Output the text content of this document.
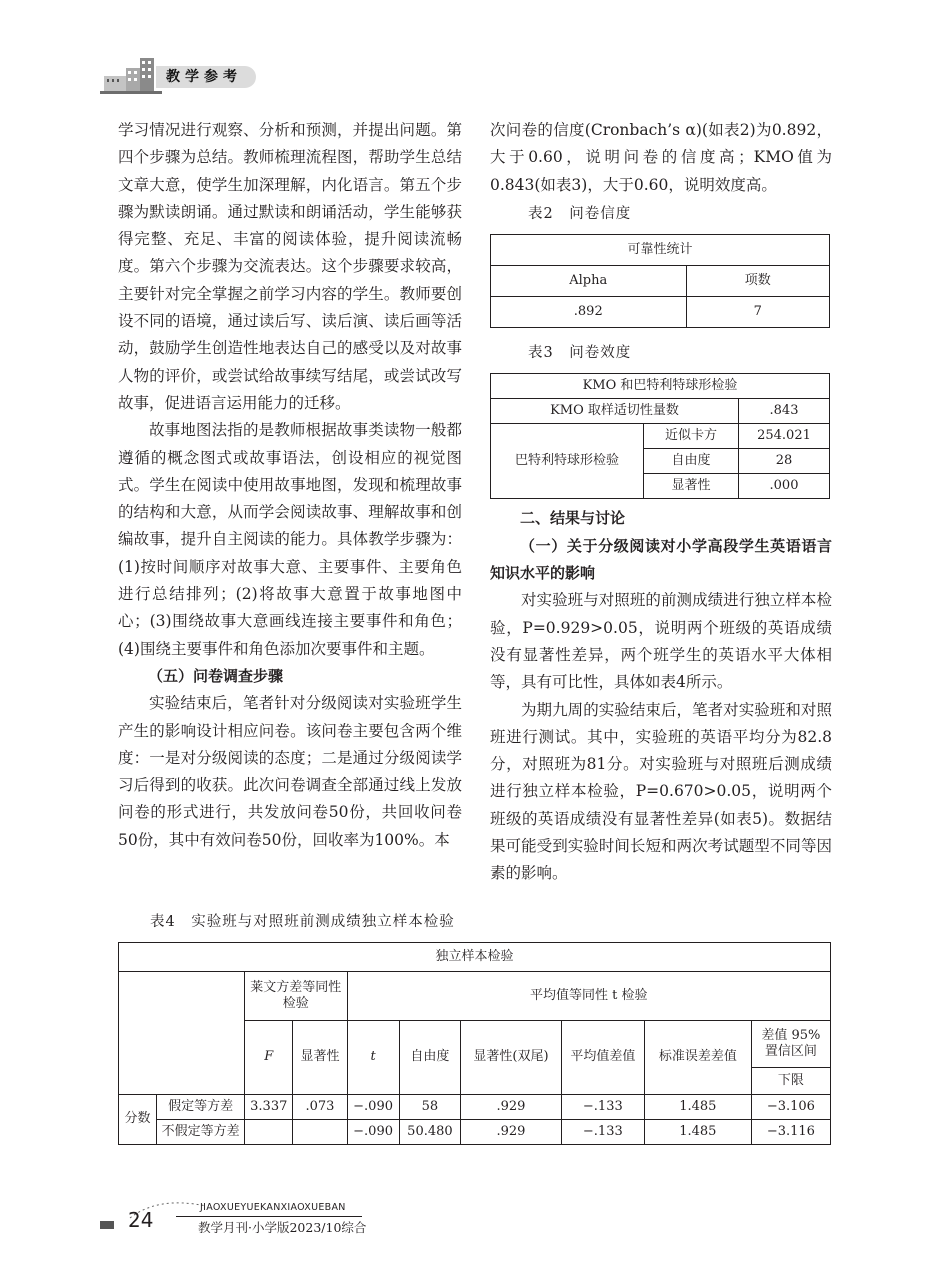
教学参考

学习情况进行观察、分析和预测，并提出问题。第四个步骤为总结。教师梳理流程图，帮助学生总结文章大意，使学生加深理解，内化语言。第五个步骤为默读朗诵。通过默读和朗诵活动，学生能够获得完整、充足、丰富的阅读体验，提升阅读流畅度。第六个步骤为交流表达。这个步骤要求较高，主要针对完全掌握之前学习内容的学生。教师要创设不同的语境，通过读后写、读后演、读后画等活动，鼓励学生创造性地表达自己的感受以及对故事人物的评价，或尝试给故事续写结尾，或尝试改写故事，促进语言运用能力的迁移。

故事地图法指的是教师根据故事类读物一般都遵循的概念图式或故事语法，创设相应的视觉图式。学生在阅读中使用故事地图，发现和梳理故事的结构和大意，从而学会阅读故事、理解故事和创编故事，提升自主阅读的能力。具体教学步骤为：(1)按时间顺序对故事大意、主要事件、主要角色进行总结排列；(2)将故事大意置于故事地图中心；(3)围绕故事大意画线连接主要事件和角色；(4)围绕主要事件和角色添加次要事件和主题。

（五）问卷调查步骤

实验结束后，笔者针对分级阅读对实验班学生产生的影响设计相应问卷。该问卷主要包含两个维度：一是对分级阅读的态度；二是通过分级阅读学习后得到的收获。此次问卷调查全部通过线上发放问卷的形式进行，共发放问卷50份，共回收问卷50份，其中有效问卷50份，回收率为100%。本

次问卷的信度(Cronbach’s α)(如表2)为0.892，大于0.60，说明问卷的信度高；KMO值为0.843(如表3)，大于0.60，说明效度高。

表2　问卷信度
可靠性统计	
Alpha	项数
.892	7
表3　问卷效度
KMO 和巴特利特球形检验		
KMO 取样适切性量数		.843
巴特利特球形检验	近似卡方	254.021
	自由度	28
	显著性	.000

二、结果与讨论

（一）关于分级阅读对小学高段学生英语语言知识水平的影响

对实验班与对照班的前测成绩进行独立样本检验，P=0.929>0.05，说明两个班级的英语成绩没有显著性差异，两个班学生的英语水平大体相等，具有可比性，具体如表4所示。

为期九周的实验结束后，笔者对实验班和对照班进行测试。其中，实验班的英语平均分为82.8分，对照班为81分。对实验班与对照班后测成绩进行独立样本检验，P=0.670>0.05，说明两个班级的英语成绩没有显著性差异(如表5)。数据结果可能受到实验时间长短和两次考试题型不同等因素的影响。

表4　实验班与对照班前测成绩独立样本检验
独立样本检验									
		莱文方差等同性检验		平均值等同性 t 检验					
		F	显著性	t	自由度	显著性(双尾)	平均值差值	标准误差差值	差值 95% 置信区间
									下限
分数	假定等方差	3.337	.073	−.090	58	.929	−.133	1.485	−3.106
	不假定等方差			−.090	50.480	.929	−.133	1.485	−3.116
24
JIAOXUEYUEKANXIAOXUEBAN
教学月刊·小学版2023/10综合
